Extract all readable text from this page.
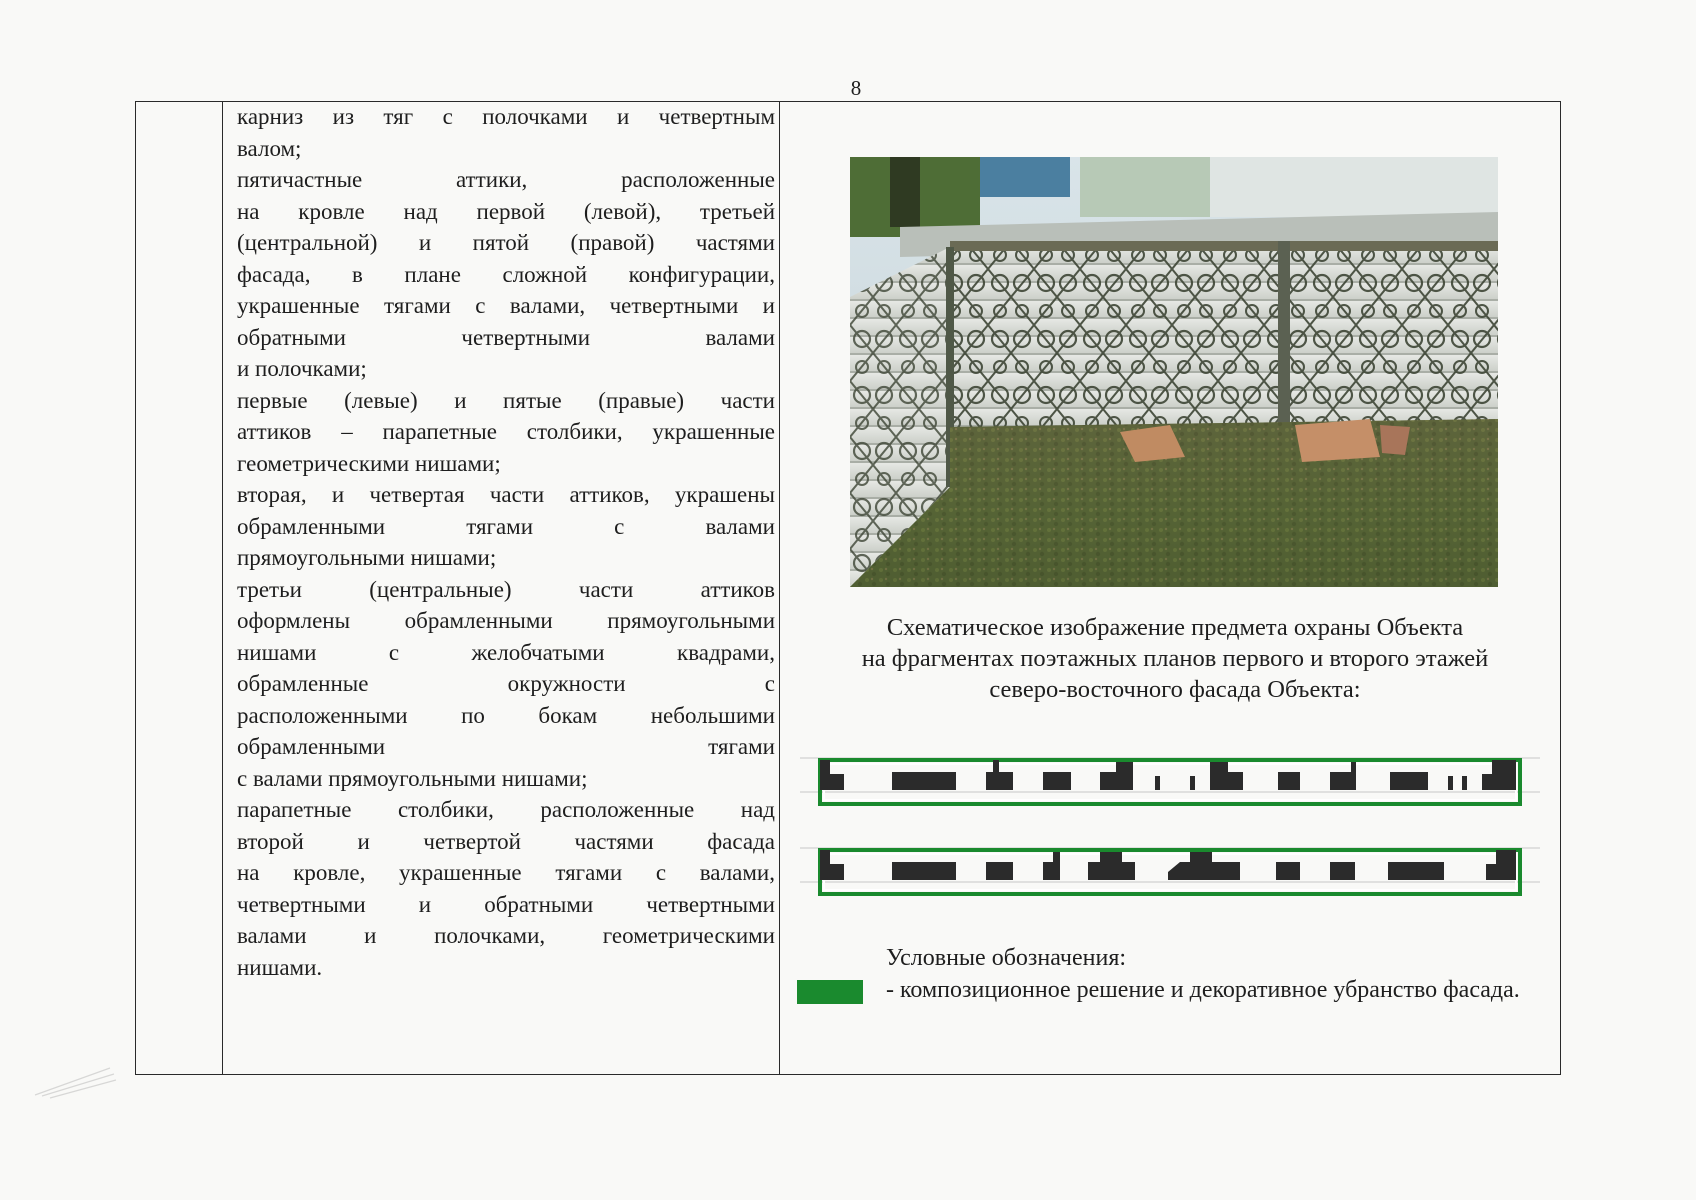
8
карниз из тяг с полочками и четвертным
валом;
пятичастные аттики, расположенные
на кровле над первой (левой), третьей
(центральной) и пятой (правой) частями
фасада, в плане сложной конфигурации,
украшенные тягами с валами, четвертными и
обратными четвертными валами
и полочками;
первые (левые) и пятые (правые) части
аттиков – парапетные столбики, украшенные
геометрическими нишами;
вторая, и четвертая части аттиков, украшены
обрамленными тягами с валами
прямоугольными нишами;
третьи (центральные) части аттиков
оформлены обрамленными прямоугольными
нишами с желобчатыми квадрами,
обрамленные окружности с
расположенными по бокам небольшими
обрамленными тягами
с валами прямоугольными нишами;
парапетные столбики, расположенные над
второй и четвертой частями фасада
на кровле, украшенные тягами с валами,
четвертными и обратными четвертными
валами и полочками, геометрическими
нишами.
Схематическое изображение предмета охраны Объекта
на фрагментах поэтажных планов первого и второго этажей
северо-восточного фасада Объекта:
Условные обозначения:
- композиционное решение и декоративное убранство фасада.
